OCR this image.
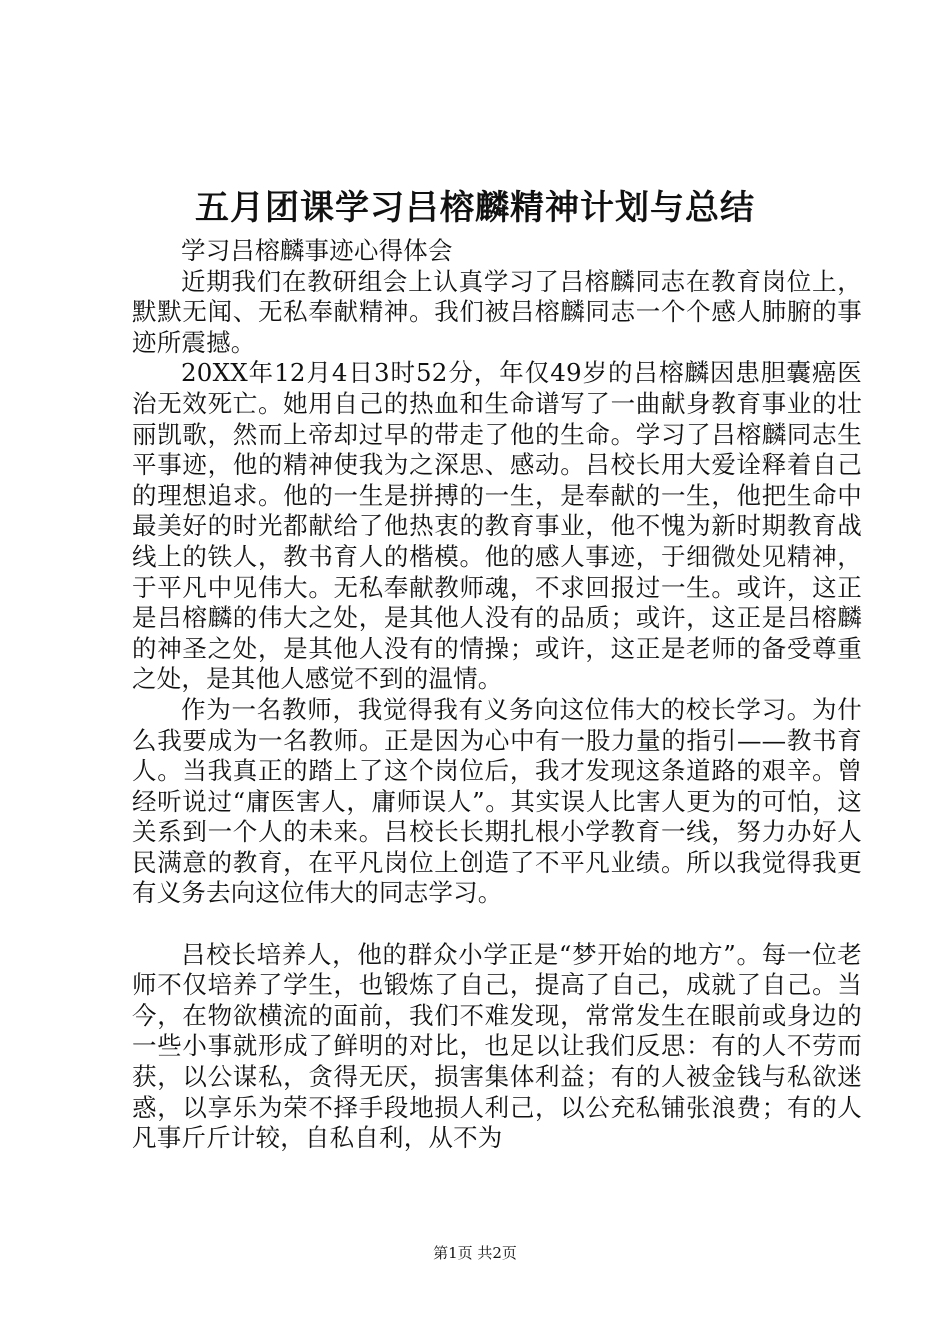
五月团课学习吕榕麟精神计划与总结

学习吕榕麟事迹心得体会

近期我们在教研组会上认真学习了吕榕麟同志在教育岗位上，默默无闻、无私奉献精神。我们被吕榕麟同志一个个感人肺腑的事迹所震撼。

20XX年12月4日3时52分，年仅49岁的吕榕麟因患胆囊癌医治无效死亡。她用自己的热血和生命谱写了一曲献身教育事业的壮丽凯歌，然而上帝却过早的带走了他的生命。学习了吕榕麟同志生平事迹，他的精神使我为之深思、感动。吕校长用大爱诠释着自己的理想追求。他的一生是拼搏的一生，是奉献的一生，他把生命中最美好的时光都献给了他热衷的教育事业，他不愧为新时期教育战线上的铁人，教书育人的楷模。他的感人事迹，于细微处见精神，于平凡中见伟大。无私奉献教师魂，不求回报过一生。或许，这正是吕榕麟的伟大之处，是其他人没有的品质；或许，这正是吕榕麟的神圣之处，是其他人没有的情操；或许，这正是老师的备受尊重之处，是其他人感觉不到的温情。

作为一名教师，我觉得我有义务向这位伟大的校长学习。为什么我要成为一名教师。正是因为心中有一股力量的指引——教书育人。当我真正的踏上了这个岗位后，我才发现这条道路的艰辛。曾经听说过“庸医害人，庸师误人”。其实误人比害人更为的可怕，这关系到一个人的未来。吕校长长期扎根小学教育一线，努力办好人民满意的教育，在平凡岗位上创造了不平凡业绩。所以我觉得我更有义务去向这位伟大的同志学习。

吕校长培养人，他的群众小学正是“梦开始的地方”。每一位老师不仅培养了学生，也锻炼了自己，提高了自己，成就了自己。当今，在物欲横流的面前，我们不难发现，常常发生在眼前或身边的一些小事就形成了鲜明的对比，也足以让我们反思：有的人不劳而获，以公谋私，贪得无厌，损害集体利益；有的人被金钱与私欲迷惑，以享乐为荣不择手段地损人利己，以公充私铺张浪费；有的人凡事斤斤计较，自私自利，从不为

第1页 共2页
